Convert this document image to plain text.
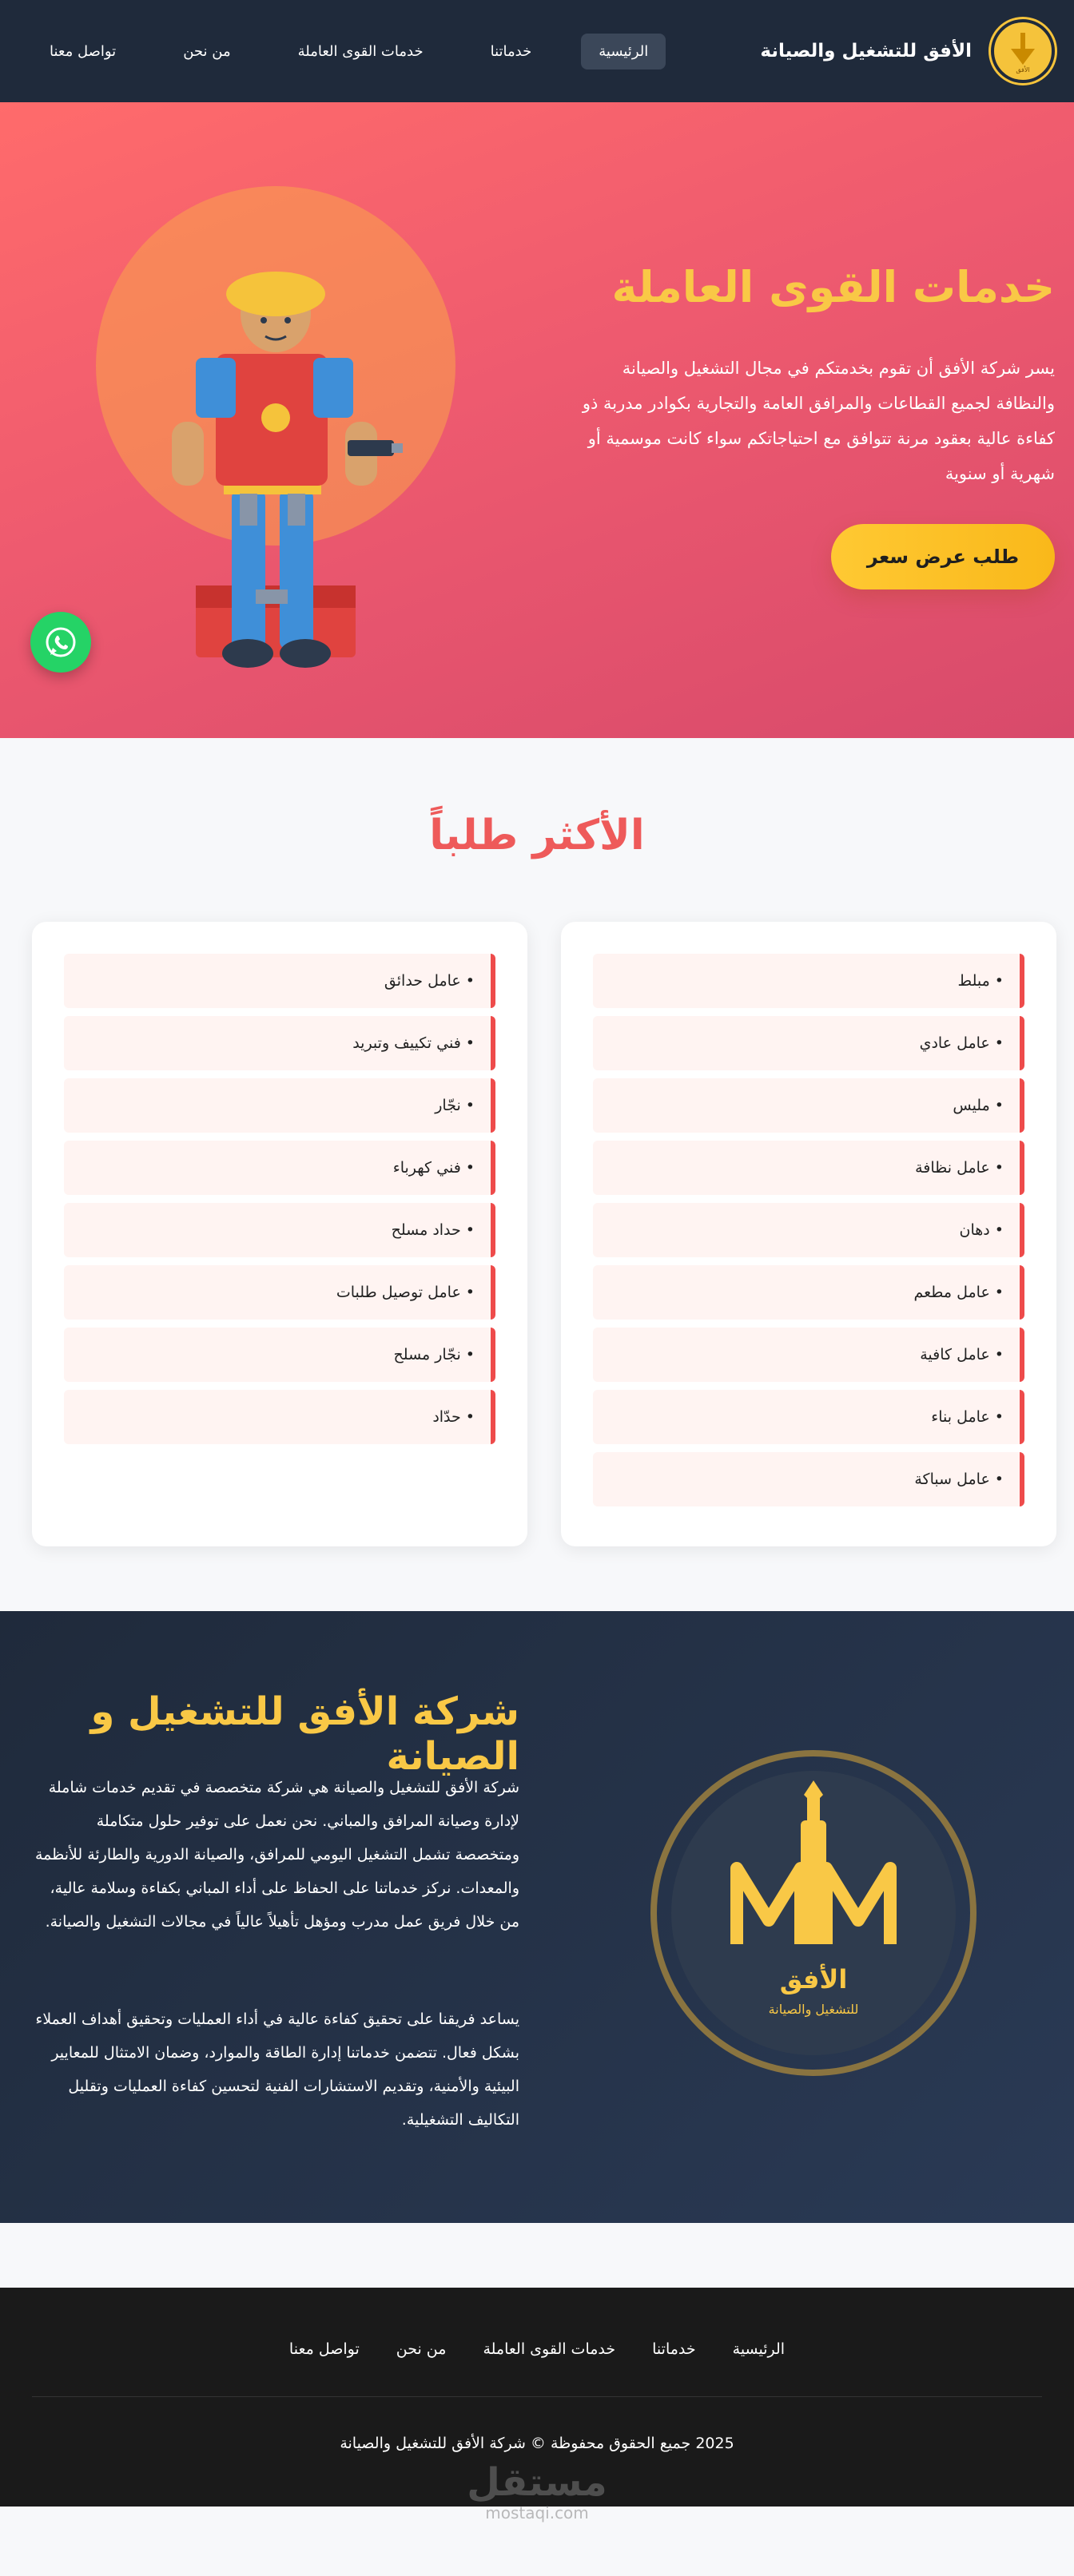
الأفق
الأفق للتشغيل والصيانة
الرئيسية
خدماتنا
خدمات القوى العاملة
من نحن
تواصل معنا
خدمات القوى العاملة

يسر شركة الأفق أن تقوم بخدمتكم في مجال التشغيل والصيانة والنظافة لجميع القطاعات والمرافق العامة والتجارية بكوادر مدربة ذو كفاءة عالية بعقود مرنة تتوافق مع احتياجاتكم سواء كانت موسمية أو شهرية أو سنوية

طلب عرض سعر
الأكثر طلباً
•
مبلط
•
عامل عادي
•
مليس
•
عامل نظافة
•
دهان
•
عامل مطعم
•
عامل كافية
•
عامل بناء
•
عامل سباكة
•
عامل حدائق
•
فني تكييف وتبريد
•
نجّار
•
فني كهرباء
•
حداد مسلح
•
عامل توصيل طلبات
•
نجّار مسلح
•
حدّاد
شركة الأفق للتشغيل و الصيانة

شركة الأفق للتشغيل والصيانة هي شركة متخصصة في تقديم خدمات شاملة لإدارة وصيانة المرافق والمباني. نحن نعمل على توفير حلول متكاملة ومتخصصة تشمل التشغيل اليومي للمرافق، والصيانة الدورية والطارئة للأنظمة والمعدات. نركز خدماتنا على الحفاظ على أداء المباني بكفاءة وسلامة عالية، من خلال فريق عمل مدرب ومؤهل تأهيلاً عالياً في مجالات التشغيل والصيانة.

يساعد فريقنا على تحقيق كفاءة عالية في أداء العمليات وتحقيق أهداف العملاء بشكل فعال. تتضمن خدماتنا إدارة الطاقة والموارد، وضمان الامتثال للمعايير البيئية والأمنية، وتقديم الاستشارات الفنية لتحسين كفاءة العمليات وتقليل التكاليف التشغيلية.

الأفق
للتشغيل والصيانة
الرئيسية
خدماتنا
خدمات القوى العاملة
من نحن
تواصل معنا
2025 جميع الحقوق محفوظة © شركة الأفق للتشغيل والصيانة
مستقل
mostaqi.com
